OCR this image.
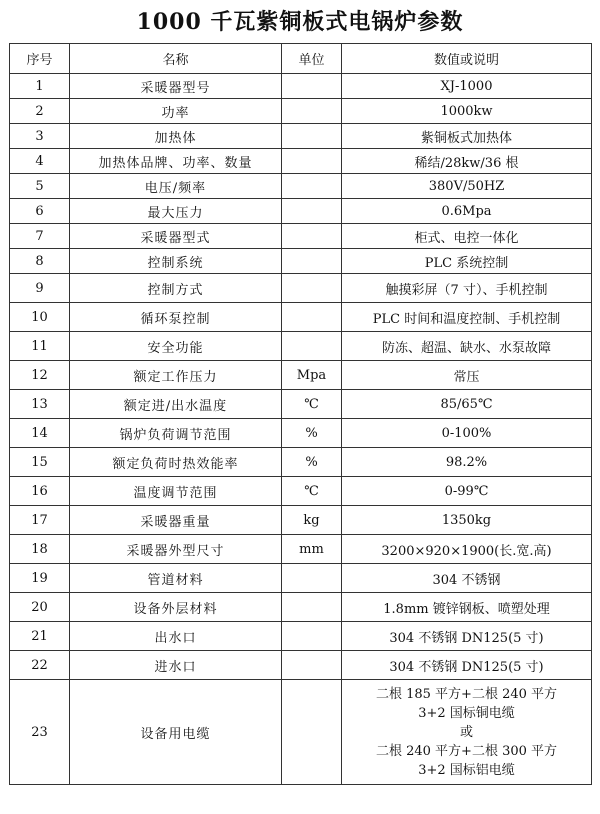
1000 千瓦紫铜板式电锅炉参数
序号	名称	单位	数值或说明
1	采暖器型号		XJ-1000
2	功率		1000kw
3	加热体		紫铜板式加热体
4	加热体品牌、功率、数量		稀结/28kw/36 根
5	电压/频率		380V/50HZ
6	最大压力		0.6Mpa
7	采暖器型式		柜式、电控一体化
8	控制系统		PLC 系统控制
9	控制方式		触摸彩屏（7 寸）、手机控制
10	循环泵控制		PLC 时间和温度控制、手机控制
11	安全功能		防冻、超温、缺水、水泵故障
12	额定工作压力	Mpa	常压
13	额定进/出水温度	℃	85/65℃
14	锅炉负荷调节范围	%	0-100%
15	额定负荷时热效能率	%	98.2%
16	温度调节范围	℃	0-99℃
17	采暖器重量	kg	1350kg
18	采暖器外型尺寸	mm	3200×920×1900(长.宽.高)
19	管道材料		304 不锈钢
20	设备外层材料		1.8mm 镀锌钢板、喷塑处理
21	出水口		304 不锈钢 DN125(5 寸)
22	进水口		304 不锈钢 DN125(5 寸)
23	设备用电缆		二根 185 平方+二根 240 平方
3+2 国标铜电缆
或
二根 240 平方+二根 300 平方
3+2 国标铝电缆
